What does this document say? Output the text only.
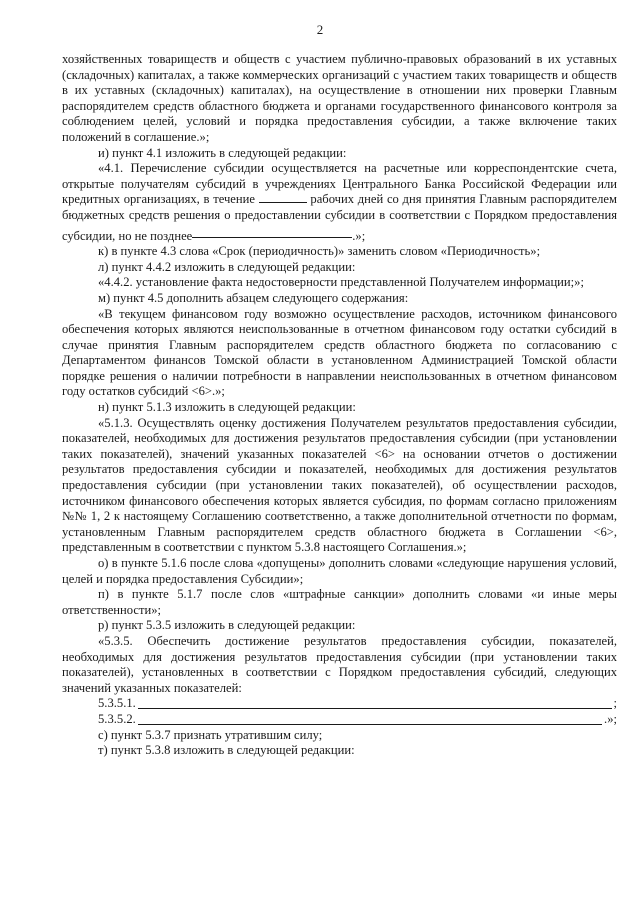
2

хозяйственных товариществ и обществ с участием публично-правовых образований в их уставных (складочных) капиталах, а также коммерческих организаций с участием таких товариществ и обществ в их уставных (складочных) капиталах), на осуществление в отношении них проверки Главным распорядителем средств областного бюджета и органами государственного финансового контроля за соблюдением целей, условий и порядка предоставления субсидии, а также включение таких положений в соглашение.»;

и) пункт 4.1 изложить в следующей редакции:

«4.1. Перечисление субсидии осуществляется на расчетные или корреспондентские счета, открытые получателям субсидий в учреждениях Центрального Банка Российской Федерации или кредитных организациях, в течение	рабочих дней со дня принятия Главным распорядителем бюджетных средств решения о предоставлении субсидии в соответствии с Порядком предоставления субсидии, но не позднее	.»;

к) в пункте 4.3 слова «Срок (периодичность)» заменить словом «Периодичность»;

л) пункт 4.4.2 изложить в следующей редакции:

«4.4.2. установление факта недостоверности представленной Получателем информации;»;

м) пункт 4.5 дополнить абзацем следующего содержания:

«В текущем финансовом году возможно осуществление расходов, источником финансового обеспечения которых являются неиспользованные в отчетном финансовом году остатки субсидий в случае принятия Главным распорядителем средств областного бюджета по согласованию с Департаментом финансов Томской области в установленном Администрацией Томской области порядке решения о наличии потребности в направлении неиспользованных в отчетном финансовом году остатков субсидий <6>.»;

н) пункт 5.1.3 изложить в следующей редакции:

«5.1.3. Осуществлять оценку достижения Получателем результатов предоставления субсидии, показателей, необходимых для достижения результатов предоставления субсидии (при установлении таких показателей), значений указанных показателей <6> на основании отчетов о достижении результатов предоставления субсидии и показателей, необходимых для достижения результатов предоставления субсидии (при установлении таких показателей), об осуществлении расходов, источником финансового обеспечения которых является субсидия, по формам согласно приложениям №№ 1, 2 к настоящему Соглашению соответственно, а также дополнительной отчетности по формам, установленным Главным распорядителем средств областного бюджета в Соглашении <6>, представленным в соответствии с пунктом 5.3.8 настоящего Соглашения.»;

о) в пункте 5.1.6 после слова «допущены» дополнить словами «следующие нарушения условий, целей и порядка предоставления Субсидии»;

п) в пункте 5.1.7 после слов «штрафные санкции» дополнить словами «и иные меры ответственности»;

р) пункт 5.3.5 изложить в следующей редакции:

«5.3.5. Обеспечить достижение результатов предоставления субсидии, показателей, необходимых для достижения результатов предоставления субсидии (при установлении таких показателей), установленных в соответствии с Порядком предоставления субсидий, следующих значений указанных показателей:

5.3.5.1.	;
5.3.5.2.	.»;

с) пункт 5.3.7 признать утратившим силу;

т) пункт 5.3.8 изложить в следующей редакции:
